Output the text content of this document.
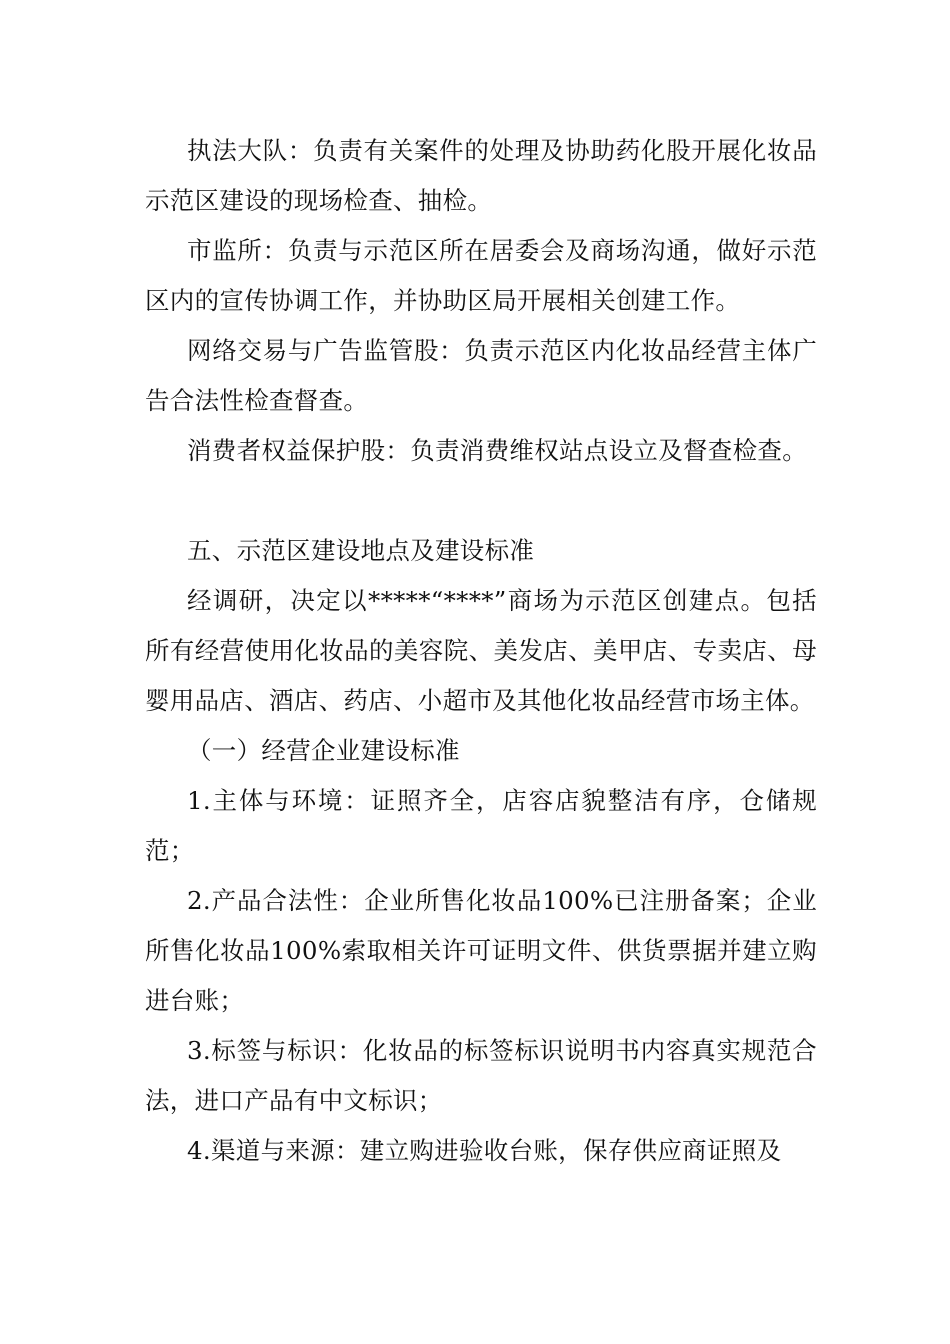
执法大队：负责有关案件的处理及协助药化股开展化妆品示范区建设的现场检查、抽检。

市监所：负责与示范区所在居委会及商场沟通，做好示范区内的宣传协调工作，并协助区局开展相关创建工作。

网络交易与广告监管股：负责示范区内化妆品经营主体广告合法性检查督查。

消费者权益保护股：负责消费维权站点设立及督查检查。

五、示范区建设地点及建设标准

经调研，决定以*****“****”商场为示范区创建点。包括所有经营使用化妆品的美容院、美发店、美甲店、专卖店、母婴用品店、酒店、药店、小超市及其他化妆品经营市场主体。

（一）经营企业建设标准

1.主体与环境：证照齐全，店容店貌整洁有序，仓储规范；

2.产品合法性：企业所售化妆品100%已注册备案；企业所售化妆品100%索取相关许可证明文件、供货票据并建立购进台账；

3.标签与标识：化妆品的标签标识说明书内容真实规范合法，进口产品有中文标识；

4.渠道与来源：建立购进验收台账，保存供应商证照及
